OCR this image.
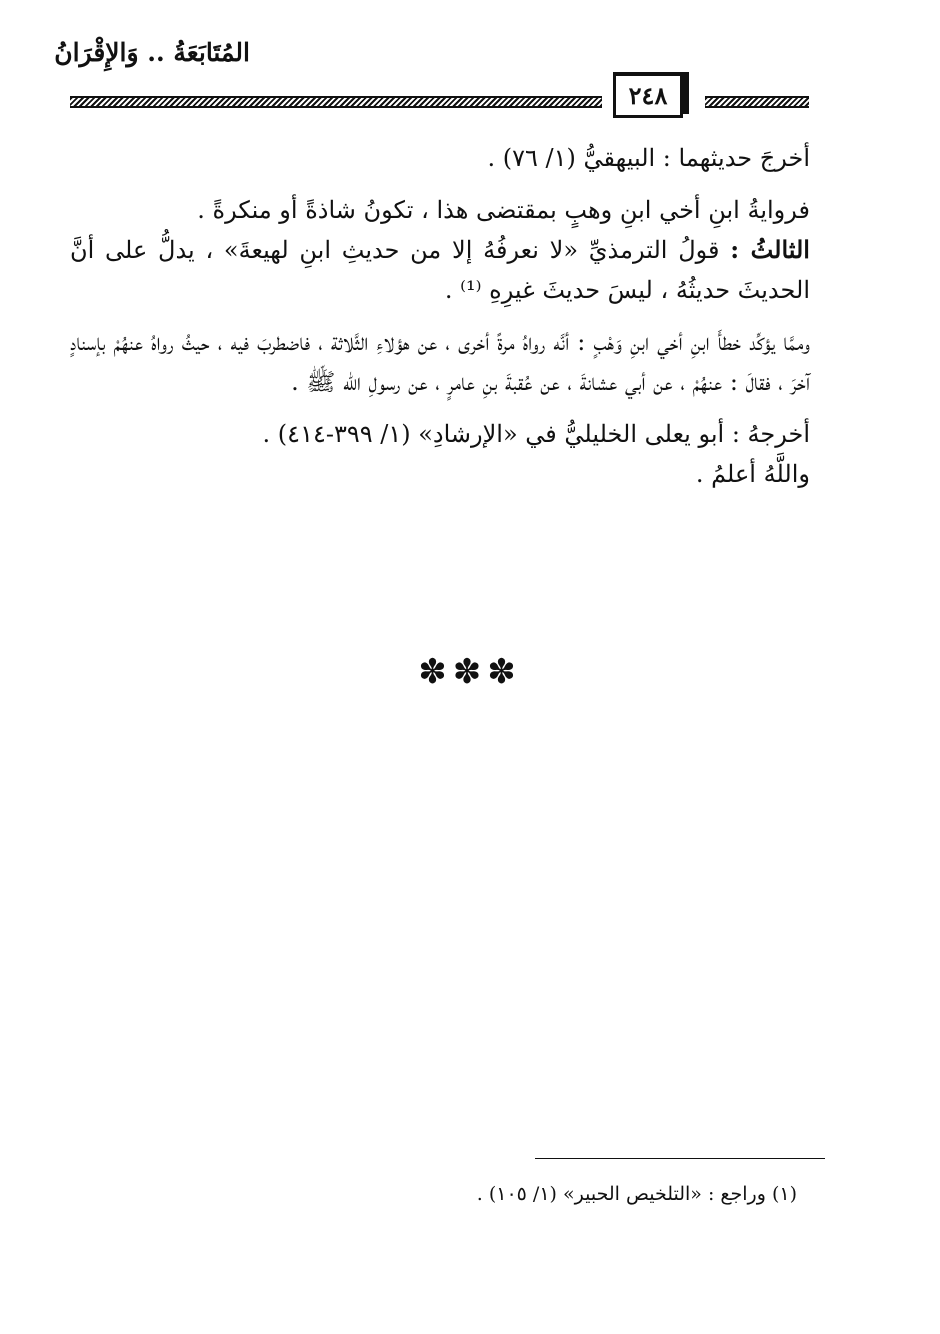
المُتَابَعَةُ .. وَالإِقْرَانُ
٢٤٨

أخرجَ حديثهما : البيهقيُّ (١/ ٧٦) .

فروايةُ ابنِ أخي ابنِ وهبٍ بمقتضى هذا ، تكونُ شاذةً أو منكرةً .

الثالثُ : قولُ الترمذيِّ «لا نعرفُهُ إلا من حديثِ ابنِ لهيعةَ» ، يدلُّ على أنَّ الحديثَ حديثُهُ ، ليسَ حديثَ غيرِهِ ⁽¹⁾ .

وممَّا يؤكِّد خطأَ ابنِ أخي ابنِ وَهْبٍ : أنَّه رواهُ مرةً أخرى ، عن هؤلاءِ الثَّلاثة ، فاضطربَ فيه ، حيثُ رواهُ عنهُمْ بإسنادٍ آخرَ ، فقالَ : عنهُمْ ، عن أبي عشانةَ ، عن عُقبةَ بنِ عامرٍ ، عن رسولِ الله ﷺ .

أخرجهُ : أبو يعلى الخليليُّ في «الإرشادِ» (١/ ٣٩٩-٤١٤) .

واللَّهُ أعلمُ .

✽✽✽
(١) وراجع : «التلخيص الحبير» (١/ ١٠٥) .
